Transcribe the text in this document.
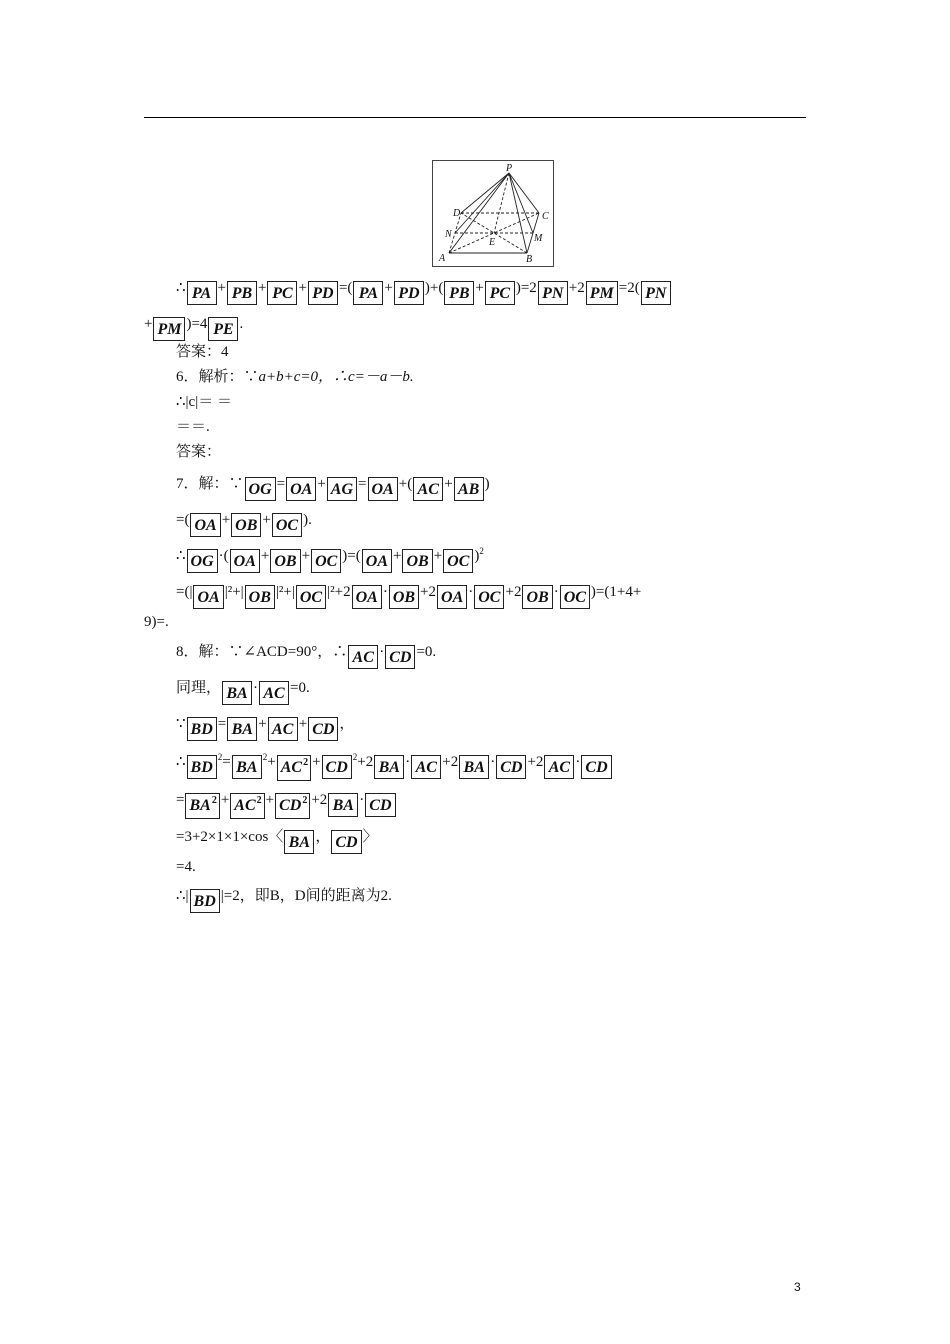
P
D	C
N	M
E
A	B
∴ PA + PB + PC + PD =( PA + PD )+( PB + PC )=2 PN +2 PM =2( PN
+ PM )=4 PE .
答案：4
6．解析：∵a+b+c=0，∴c=－a－b.
∴|c|＝ ＝
＝＝.
答案：
7．解：∵ OG = OA + AG = OA +( AC + AB )
=( OA + OB + OC ).
∴ OG ·( OA + OB + OC )=( OA + OB + OC )$^2$
=(| OA |²+| OB |²+| OC |²+2 OA · OB +2 OA · OC +2 OB · OC )=(1+4+
9)=.
8．解：∵∠ACD=90°，∴ AC · CD =0.
同理， BA · AC =0.
∵ BD = BA + AC + CD ，
∴ $BD^2= BA^2+$ AC $2 + CD^2+2$ BA · AC +2 BA · CD +2 AC · CD
= BA 2 + AC 2 + CD 2 +2 BA · CD
=3+2×1×1×cos〈 BA ， CD 〉
=4.
∴| BD |=2，即B，D间的距离为2.
3
